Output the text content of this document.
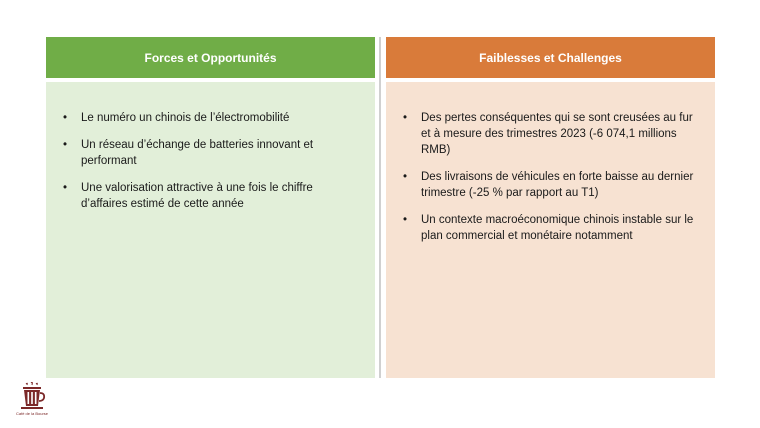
Forces et Opportunités
• Le numéro un chinois de l’électromobilité
• Un réseau d’échange de batteries innovant et performant
• Une valorisation attractive à une fois le chiffre d’affaires estimé de cette année
Faiblesses et Challenges
• Des pertes conséquentes qui se sont creusées au fur et à mesure des trimestres 2023 (-6 074,1 millions RMB)
• Des livraisons de véhicules en forte baisse au dernier trimestre (-25 % par rapport au T1)
• Un contexte macroéconomique chinois instable sur le plan commercial et monétaire notamment
Café de la Bourse
